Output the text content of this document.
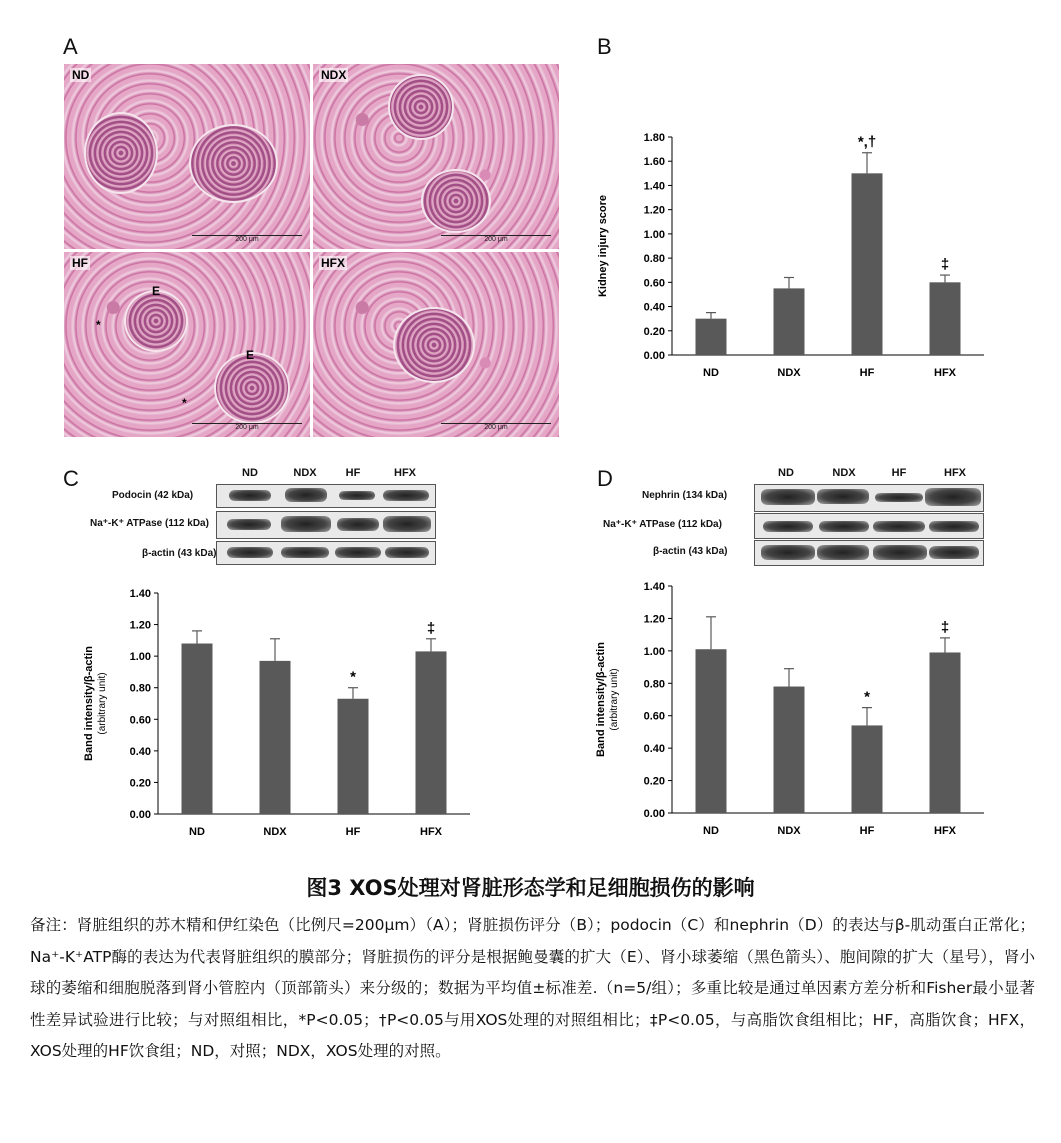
A	B
C	D
ND
200 μm
NDX
200 μm
HF
E
E
*
*
200 μm
HFX
200 μm
0.00
0.20
0.40
0.60
0.80
1.00
1.20
1.40
1.60
1.80
ND	NDX
*,†
HF
‡
HFX
Kidney injury score
ND	NDX	HF	HFX
Podocin (42 kDa)
Na⁺-K⁺ ATPase (112 kDa)
β-actin (43 kDa)
0.00
0.20
0.40
0.60
0.80
1.00
1.20
1.40
ND	NDX
*
HF
‡
HFX
Band intensity/β-actin (arbitrary unit)
ND	NDX	HF	HFX
Nephrin (134 kDa)
Na⁺-K⁺ ATPase (112 kDa)
β-actin (43 kDa)
0.00
0.20
0.40
0.60
0.80
1.00
1.20
1.40
ND	NDX
*
HF
‡
HFX
Band intensity/β-actin (arbitrary unit)
图3 XOS处理对肾脏形态学和足细胞损伤的影响
备注：肾脏组织的苏木精和伊红染色（比例尺=200μm）（A）；肾脏损伤评分（B）；podocin（C）和nephrin（D）的表达与β-肌动蛋白正常化；Na⁺-K⁺ATP酶的表达为代表肾脏组织的膜部分；肾脏损伤的评分是根据鲍曼囊的扩大（E）、肾小球萎缩（黑色箭头）、胞间隙的扩大（星号），肾小球的萎缩和细胞脱落到肾小管腔内（顶部箭头）来分级的；数据为平均值±标准差.（n=5/组）；多重比较是通过单因素方差分析和Fisher最小显著性差异试验进行比较；与对照组相比，*P<0.05；†P<0.05与用XOS处理的对照组相比；‡P<0.05，与高脂饮食组相比；HF，高脂饮食；HFX，XOS处理的HF饮食组；ND，对照；NDX，XOS处理的对照。
